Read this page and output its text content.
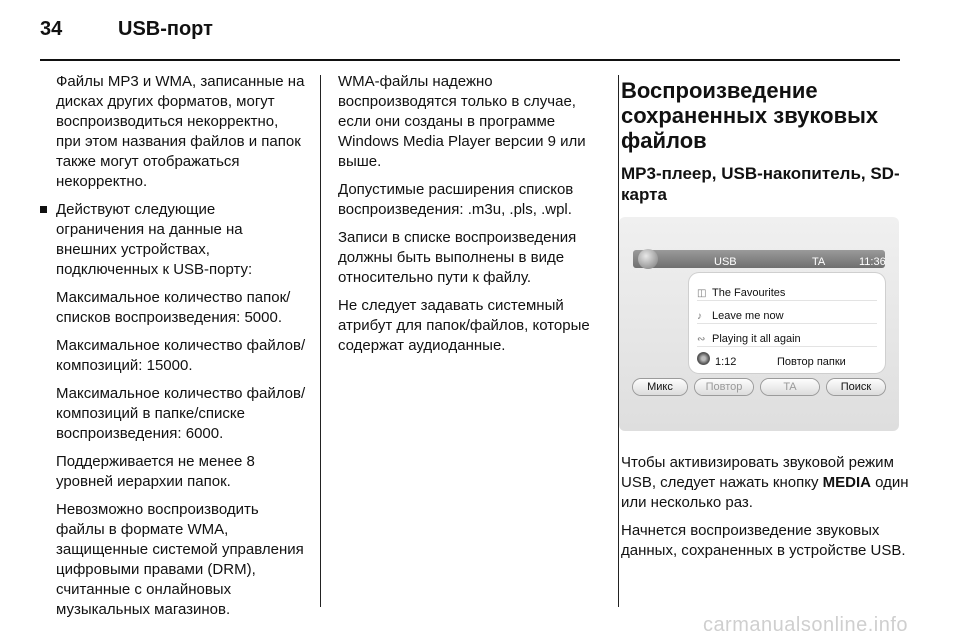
34	USB-порт

Файлы MP3 и WMA, записанные на дисках других форматов, могут воспроизводиться некорректно, при этом названия файлов и папок также могут отображаться некорректно.

Действуют следующие ограничения на данные на внешних устройствах, подключенных к USB-порту:

Максимальное количество папок/списков воспроизведения: 5000.

Максимальное количество файлов/композиций: 15000.

Максимальное количество файлов/композиций в папке/списке воспроизведения: 6000.

Поддерживается не менее 8 уровней иерархии папок.

Невозможно воспроизводить файлы в формате WMA, защищенные системой управления цифровыми правами (DRM), считанные с онлайновых музыкальных магазинов.

WMA-файлы надежно воспроизводятся только в случае, если они созданы в программе Windows Media Player версии 9 или выше.

Допустимые расширения списков воспроизведения: .m3u, .pls, .wpl.

Записи в списке воспроизведения должны быть выполнены в виде относительно пути к файлу.

Не следует задавать системный атрибут для папок/файлов, которые содержат аудиоданные.

Воспроизведение сохраненных звуковых файлов
MP3-плеер, USB-накопитель, SD-карта
USB	TA	11:36
◫ The Favourites
♪ Leave me now
∾ Playing it all again
1:12	Повтор папки
Микс	Повтор	TA	Поиск

Чтобы активизировать звуковой режим USB, следует нажать кнопку MEDIA один или несколько раз.

Начнется воспроизведение звуковых данных, сохраненных в устройстве USB.

carmanualsonline.info
